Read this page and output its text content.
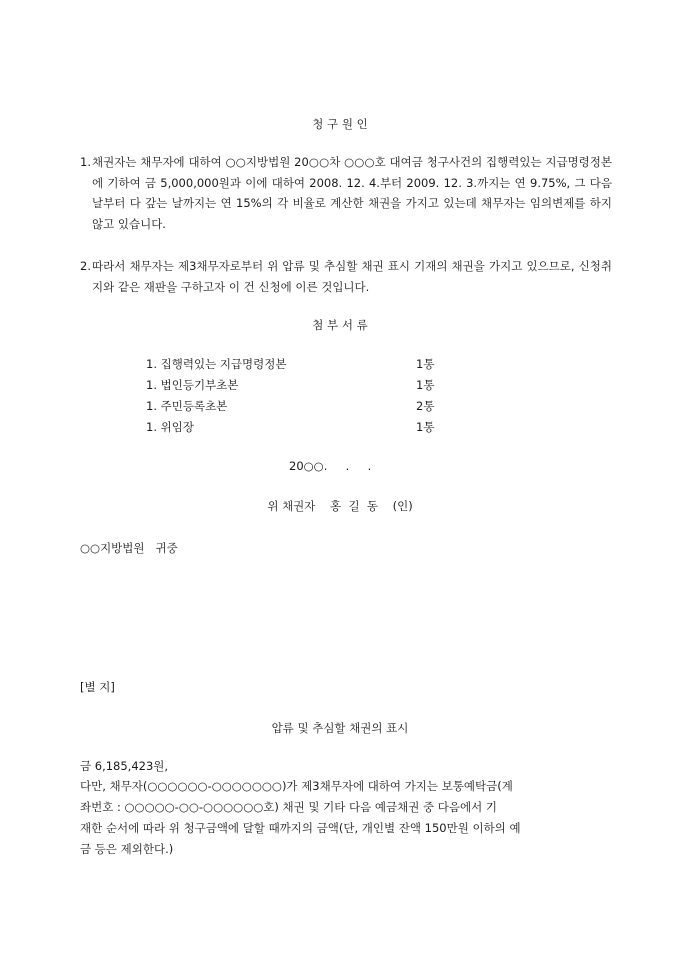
청 구 원 인
1. 채권자는 채무자에 대하여 ○○지방법원 20○○차 ○○○호 대여금 청구사건의 집행력있는 지급명령정본에 기하여 금 5,000,000원과 이에 대하여 2008. 12. 4.부터 2009. 12. 3.까지는 연 9.75%, 그 다음날부터 다 갚는 날까지는 연 15%의 각 비율로 계산한 채권을 가지고 있는데 채무자는 임의변제를 하지 않고 있습니다.
2. 따라서 채무자는 제3채무자로부터 위 압류 및 추심할 채권 표시 기재의 채권을 가지고 있으므로, 신청취지와 같은 재판을 구하고자 이 건 신청에 이른 것입니다.
첨 부 서 류
1. 집행력있는 지급명령정본	1통
1. 법인등기부초본	1통
1. 주민등록초본	2통
1. 위임장	1통
20○○.     .     .
위 채권자    홍  길  동    (인)
○○지방법원   귀중
[별 지]
압류 및 추심할 채권의 표시
금 6,185,423원,
다만, 채무자(○○○○○○-○○○○○○○)가 제3채무자에 대하여 가지는 보통예탁금(계
좌번호 : ○○○○○-○○-○○○○○○호) 채권 및 기타 다음 예금채권 중 다음에서 기
재한 순서에 따라 위 청구금액에 달할 때까지의 금액(단, 개인별 잔액 150만원 이하의 예
금 등은 제외한다.)
